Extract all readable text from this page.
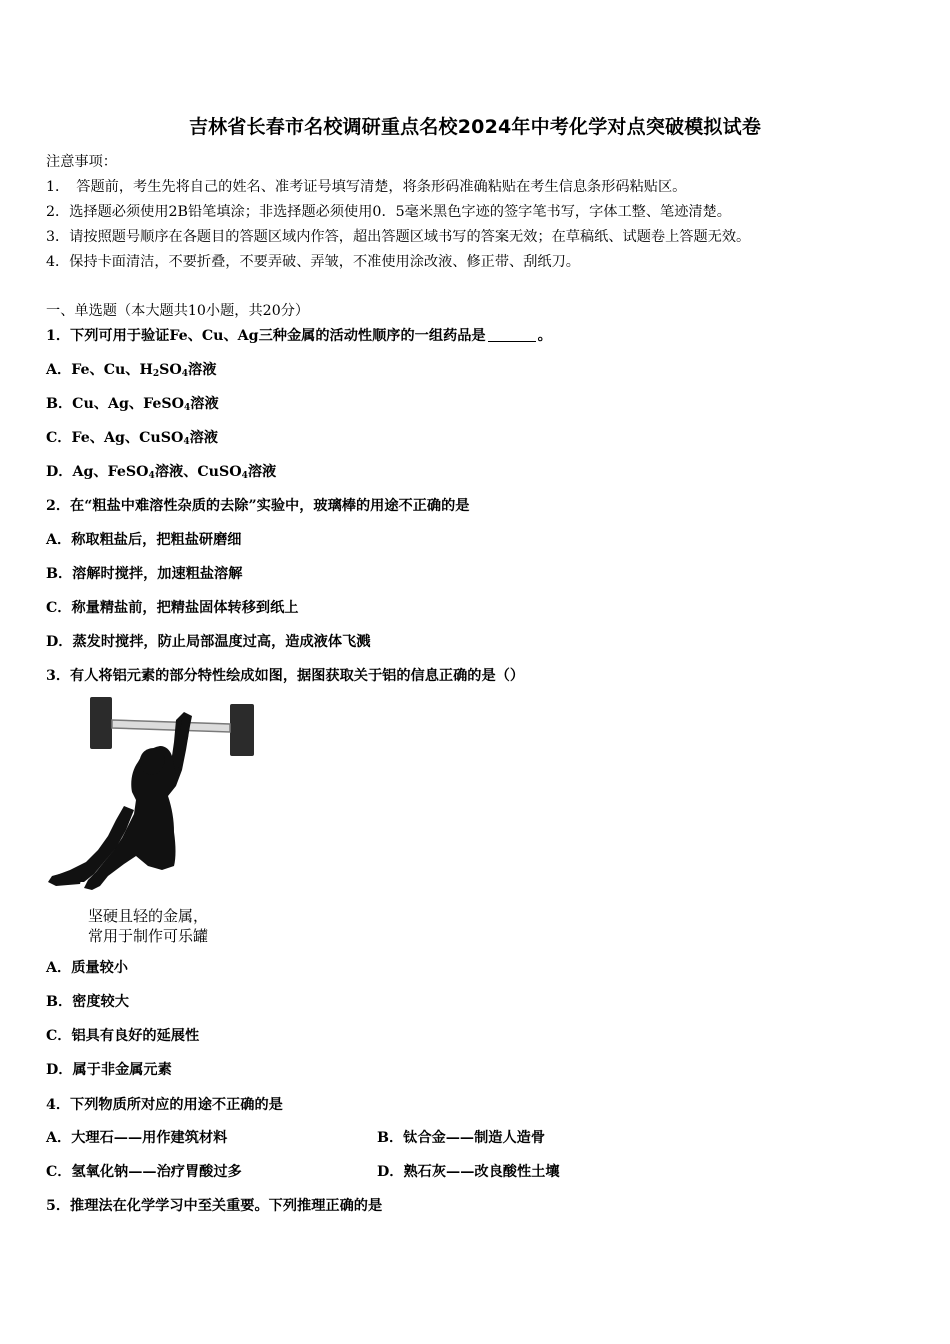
吉林省长春市名校调研重点名校2024年中考化学对点突破模拟试卷
注意事项：
1．　答题前，考生先将自己的姓名、准考证号填写清楚，将条形码准确粘贴在考生信息条形码粘贴区。
2．选择题必须使用2B铅笔填涂；非选择题必须使用0．5毫米黑色字迹的签字笔书写，字体工整、笔迹清楚。
3．请按照题号顺序在各题目的答题区域内作答，超出答题区域书写的答案无效；在草稿纸、试题卷上答题无效。
4．保持卡面清洁，不要折叠，不要弄破、弄皱，不准使用涂改液、修正带、刮纸刀。
一、单选题（本大题共10小题，共20分）
1．下列可用于验证Fe、Cu、Ag三种金属的活动性顺序的一组药品是	。
A．Fe、Cu、$H_2SO_4$溶液
B．Cu、Ag、FeSO$_4$溶液
C．Fe、Ag、CuSO$_4$溶液
D．Ag、FeSO$_4$溶液、CuSO$_4$溶液
2．在“粗盐中难溶性杂质的去除”实验中，玻璃棒的用途不正确的是
A．称取粗盐后，把粗盐研磨细
B．溶解时搅拌，加速粗盐溶解
C．称量精盐前，把精盐固体转移到纸上
D．蒸发时搅拌，防止局部温度过高，造成液体飞溅
3．有人将铝元素的部分特性绘成如图，据图获取关于铝的信息正确的是（）
坚硬且轻的金属，
常用于制作可乐罐
A．质量较小
B．密度较大
C．铝具有良好的延展性
D．属于非金属元素
4．下列物质所对应的用途不正确的是
A．大理石——用作建筑材料	B．钛合金——制造人造骨
C．氢氧化钠——治疗胃酸过多	D．熟石灰——改良酸性土壤
5．推理法在化学学习中至关重要。下列推理正确的是
